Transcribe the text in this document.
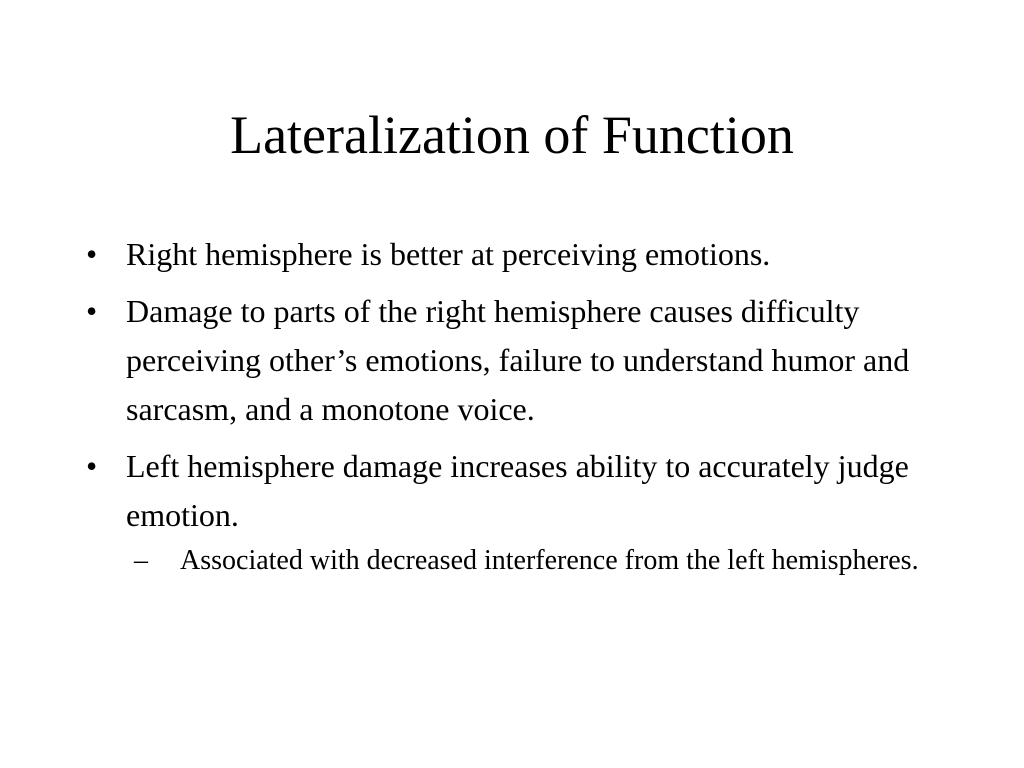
Lateralization of Function
• Right hemisphere is better at perceiving emotions.
• Damage to parts of the right hemisphere causes difficulty perceiving other’s emotions, failure to understand humor and sarcasm, and a monotone voice.
• Left hemisphere damage increases ability to accurately judge emotion.
– Associated with decreased interference from the left hemispheres.
